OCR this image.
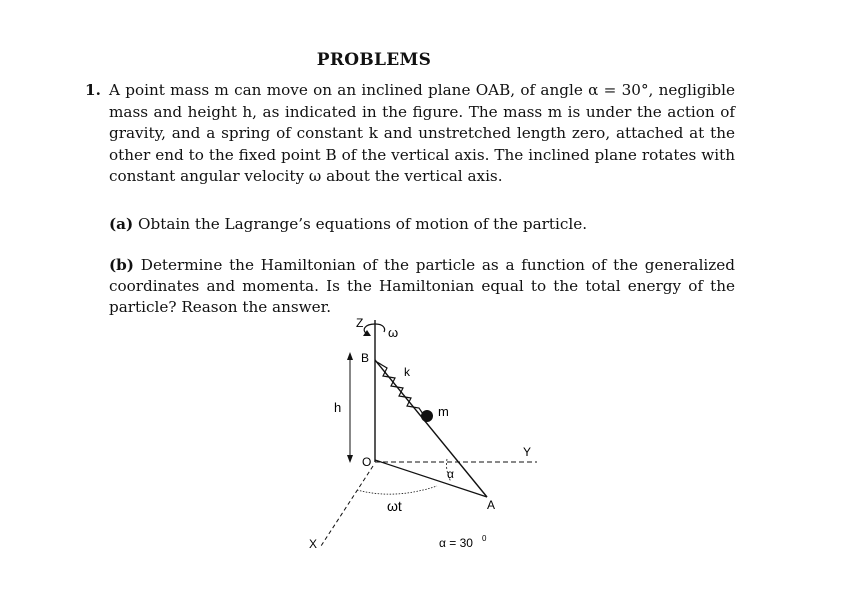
PROBLEMS
1. A point mass m can move on an inclined plane OAB, of angle α = 30°, negligible mass and height h, as indicated in the figure. The mass m is under the action of gravity, and a spring of constant k and unstretched length zero, attached at the other end to the fixed point B of the vertical axis. The inclined plane rotates with constant angular velocity ω about the vertical axis.
(a) Obtain the Lagrange’s equations of motion of the particle.
(b) Determine the Hamiltonian of the particle as a function of the generalized coordinates and momenta. Is the Hamiltonian equal to the total energy of the particle? Reason the answer.
Z
ω
B
k
h	m
O
Y
α
A
ωt
X	α = 30 0
